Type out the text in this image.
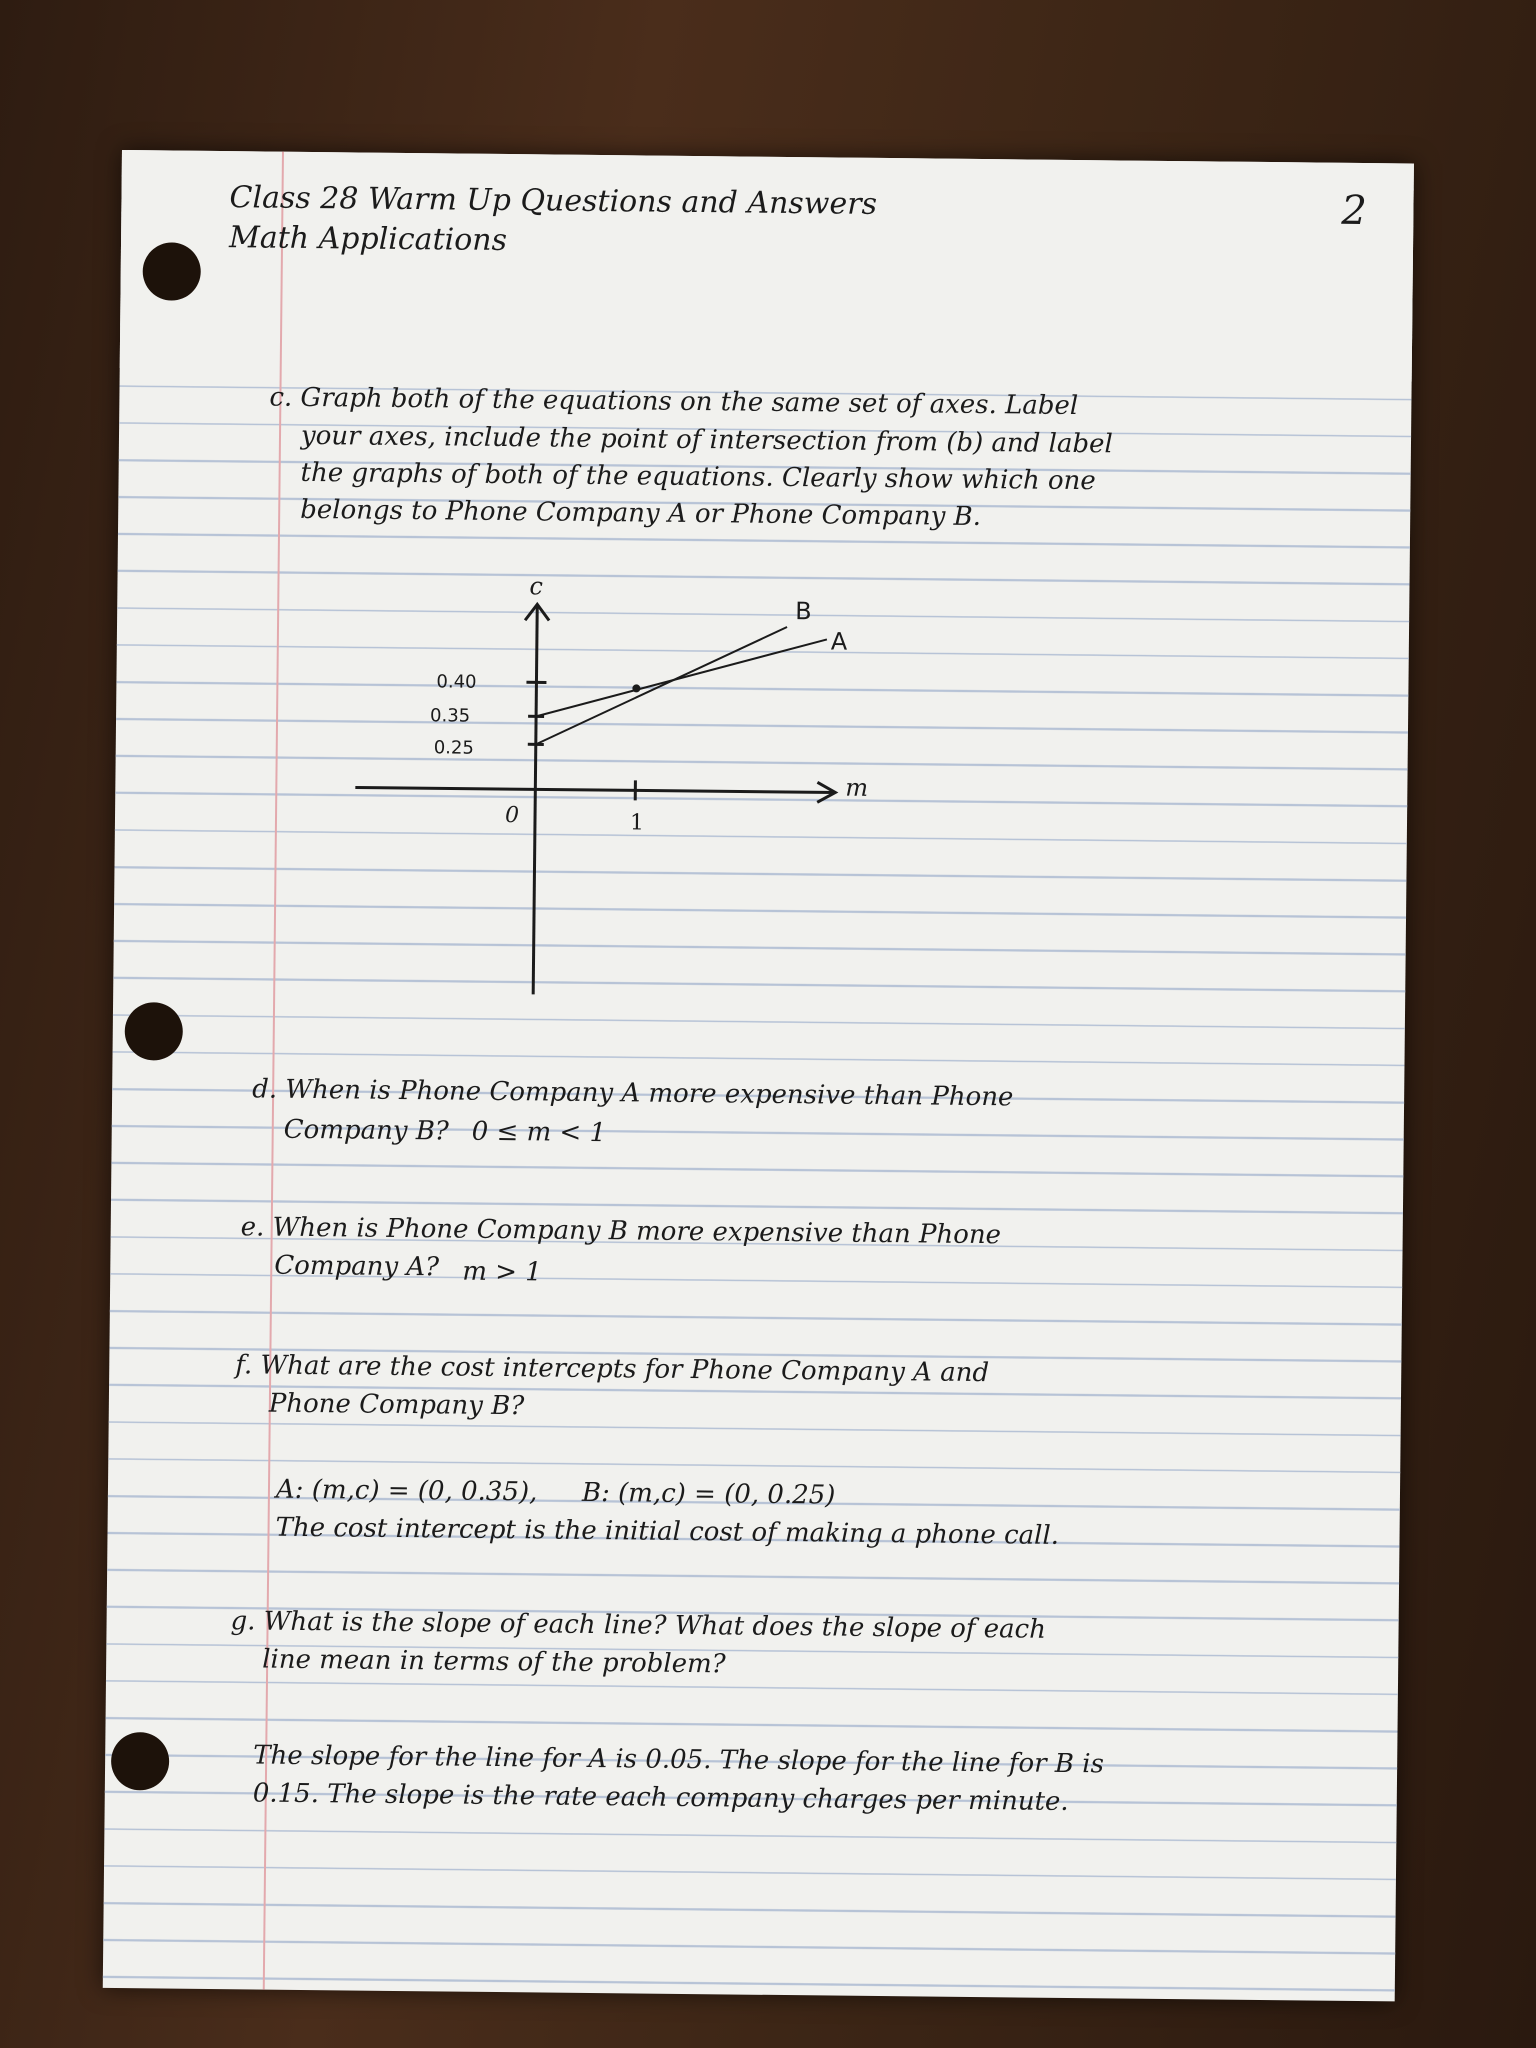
Class 28 Warm Up Questions and Answers
Math Applications
2
c. Graph both of the equations on the same set of axes. Label
your axes, include the point of intersection from (b) and label
the graphs of both of the equations. Clearly show which one
belongs to Phone Company A or Phone Company B.
c
m
B
A
0.40
0.35
0.25
0	1
d. When is Phone Company A more expensive than Phone
Company B? 0 ≤ m < 1
e. When is Phone Company B more expensive than Phone
Company A? m > 1
f. What are the cost intercepts for Phone Company A and
Phone Company B?
A: (m,c) = (0, 0.35), B: (m,c) = (0, 0.25)
The cost intercept is the initial cost of making a phone call.
g. What is the slope of each line? What does the slope of each
line mean in terms of the problem?
The slope for the line for A is 0.05. The slope for the line for B is
0.15. The slope is the rate each company charges per minute.
